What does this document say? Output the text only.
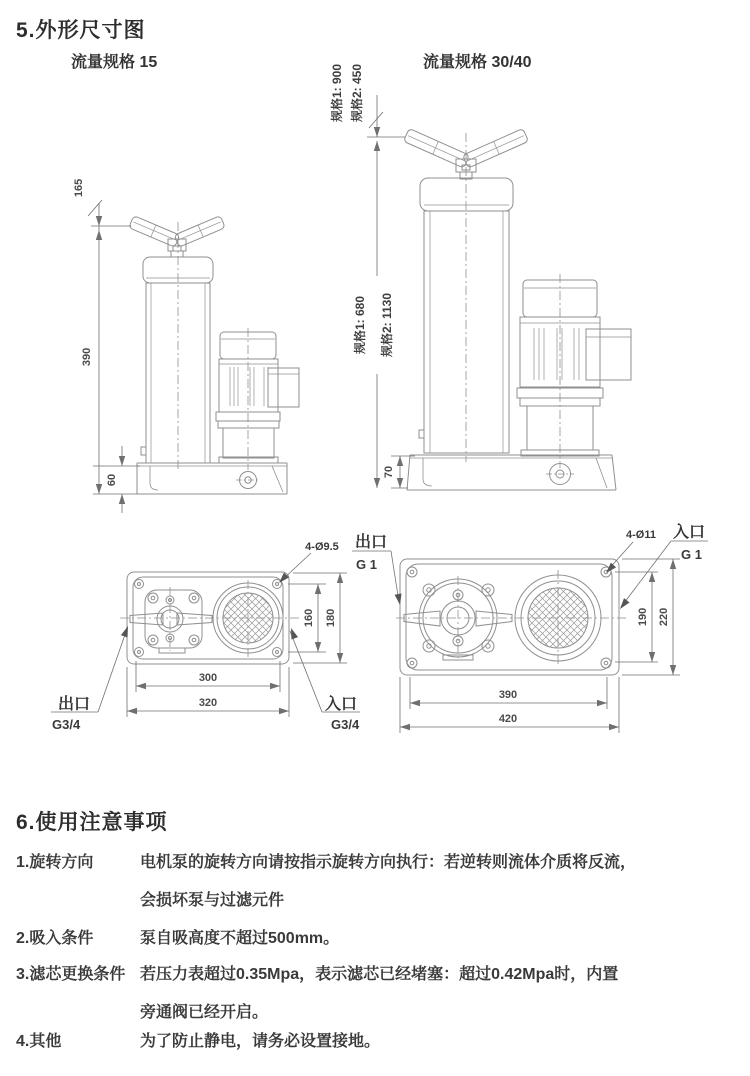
5.外形尺寸图
流量规格 15	流量规格 30/40
165
390
60
规格1: 900 规格2: 450
规格1: 680 规格2: 1130
70
4-Ø9.5
160 180
300
320
出口
G3/4
入口
G3/4
4-Ø11
190 220
390
420
出口
G 1
入口
G 1
6.使用注意事项
1.旋转方向	电机泵的旋转方向请按指示旋转方向执行：若逆转则流体介质将反流，
会损坏泵与过滤元件
2.吸入条件	泵自吸高度不超过500mm。
3.滤芯更换条件 若压力表超过0.35Mpa，表示滤芯已经堵塞：超过0.42Mpa时，内置
旁通阀已经开启。
4.其他	为了防止静电，请务必设置接地。
